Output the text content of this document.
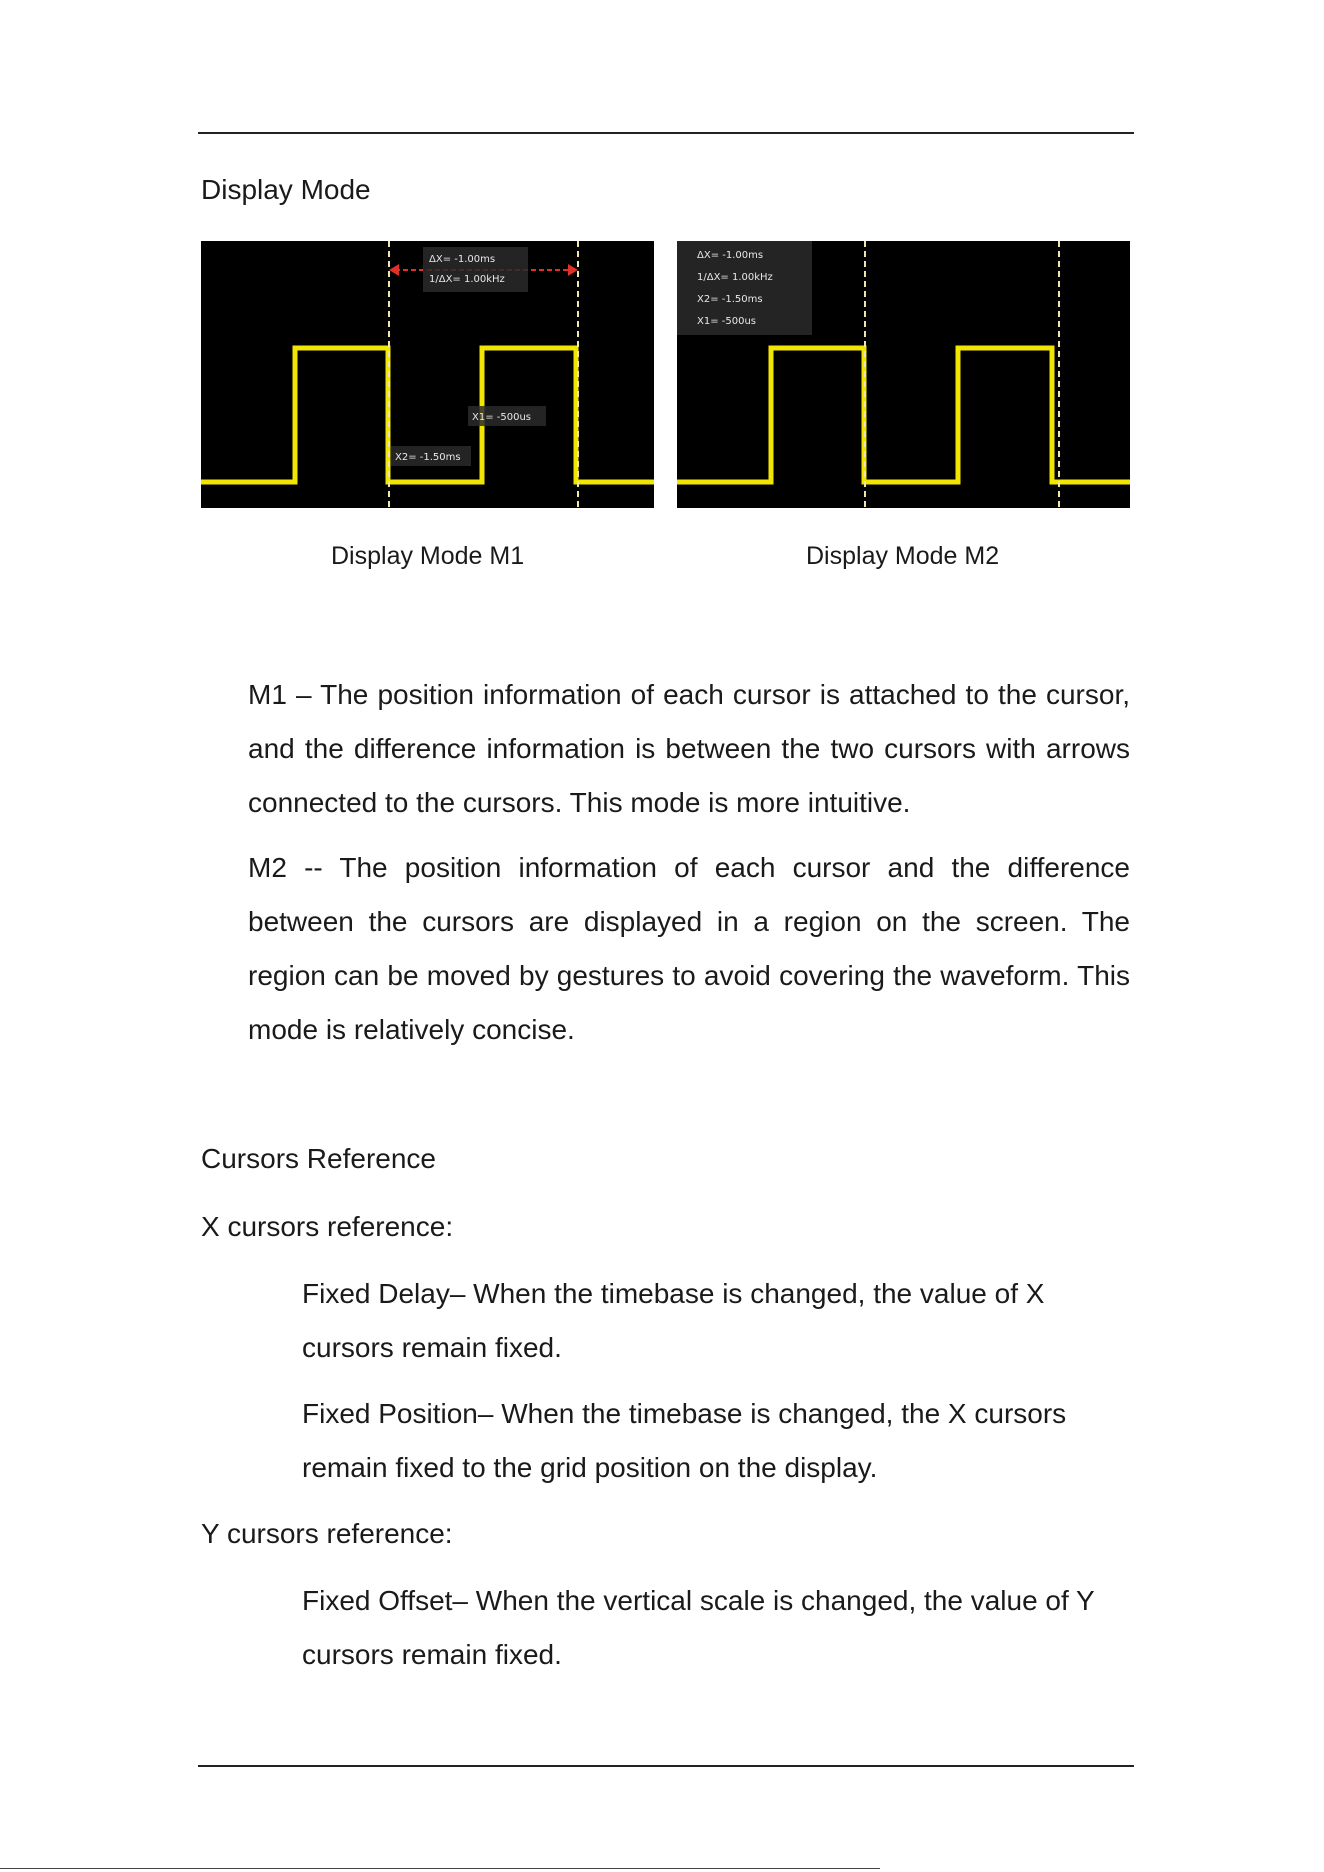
Display Mode
ΔX= -1.00ms
1/ΔX= 1.00kHz
X1= -500us
X2= -1.50ms
ΔX= -1.00ms
1/ΔX= 1.00kHz
X2= -1.50ms
X1= -500us
Display Mode M1	Display Mode M2

M1 – The position information of each cursor is attached to the cursor, and the difference information is between the two cursors with arrows connected to the cursors. This mode is more intuitive.

M2 -- The position information of each cursor and the difference between the cursors are displayed in a region on the screen. The region can be moved by gestures to avoid covering the waveform. This mode is relatively concise.

Cursors Reference

X cursors reference:

Fixed Delay– When the timebase is changed, the value of X cursors remain fixed.

Fixed Position– When the timebase is changed, the X cursors remain fixed to the grid position on the display.

Y cursors reference:

Fixed Offset– When the vertical scale is changed, the value of Y cursors remain fixed.
